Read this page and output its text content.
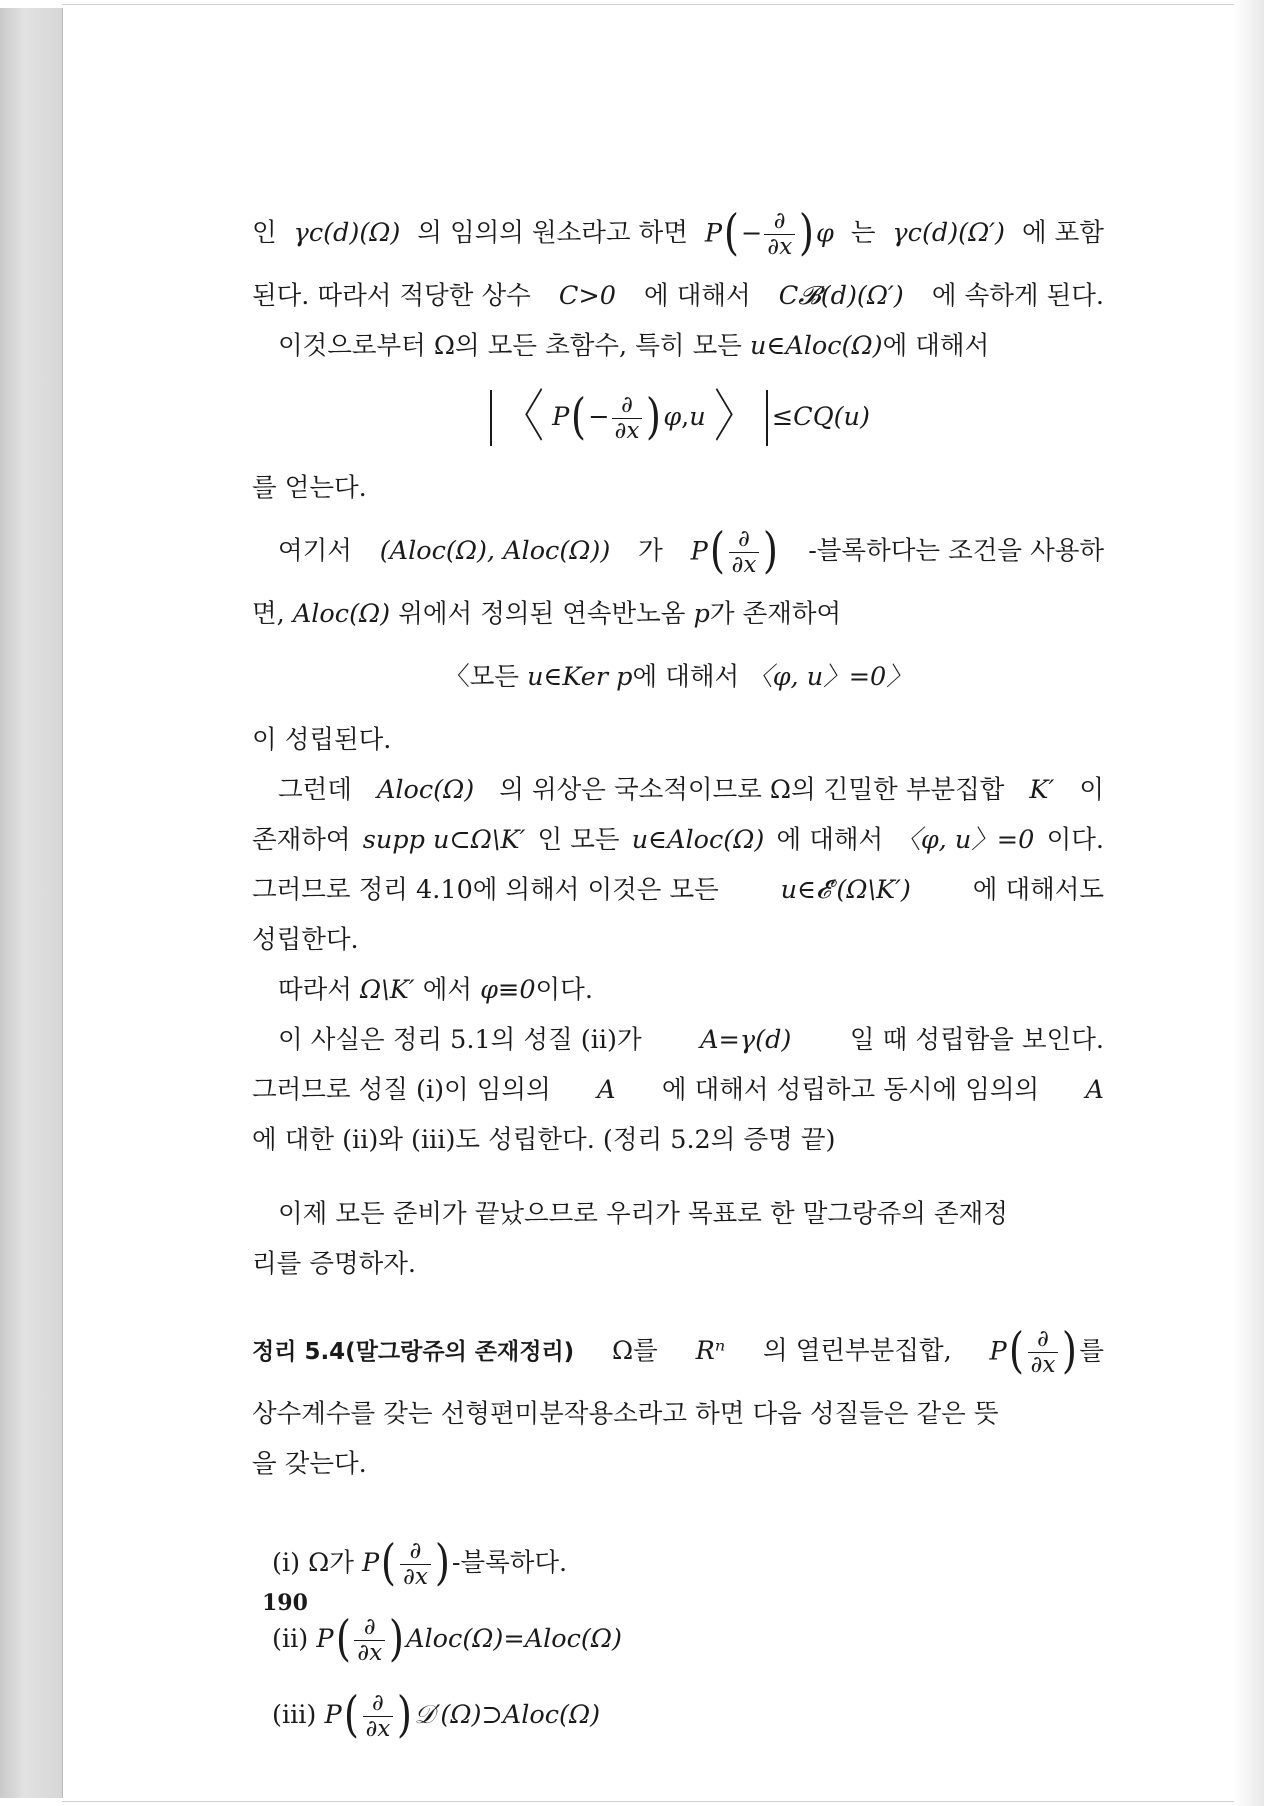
인 γc(d)(Ω) 의 임의의 원소라고 하면 $P(- \frac{\partial}{\partial x} )\varphi$ 는 γc(d)(Ω′) 에 포함
된다. 따라서 적당한 상수 C>0 에 대해서 C𝓑(d)(Ω′) 에 속하게 된다.
이것으로부터 Ω의 모든 초함수, 특히 모든
u∈Aloc(Ω) 에 대해서
〈 P ( − $\frac{\partial}{\partial x}$ ) φ , u 〉 ≤CQ(u)
를 얻는다.
여기서 (Aloc(Ω), Aloc(Ω)) 가 $P( \frac{\partial}{\partial x}$ ) -블록하다는 조건을 사용하
면,
Aloc(Ω)
위에서 정의된 연속반노옴
p 가 존재하여
〈모든
u∈Ker p 에 대해서
〈φ, u〉=0〉
이 성립된다.
그런데 Aloc(Ω) 의 위상은 국소적이므로 Ω의 긴밀한 부분집합 K′ 이
존재하여 supp u⊂Ω\K′ 인 모든 u∈Aloc(Ω) 에 대해서 〈φ, u〉=0 이다.
그러므로 정리 4.10에 의해서 이것은 모든 u∈𝓔′(Ω\K′) 에 대해서도
성립한다.
따라서
Ω\K′
에서
φ≡0 이다.
이 사실은 정리 5.1의 성질 (ii)가 A=γ(d) 일 때 성립함을 보인다.
그러므로 성질 (i)이 임의의 A 에 대해서 성립하고 동시에 임의의 A
에 대한 (ii)와 (iii)도 성립한다. (정리 5.2의 증명 끝)
이제 모든 준비가 끝났으므로 우리가 목표로 한 말그랑쥬의 존재정
리를 증명하자.
정리 5.4(말그랑쥬의 존재정리) Ω를 Rⁿ 의 열린부분집합, $P( \frac{\partial}{\partial x}$ )를
상수계수를 갖는 선형편미분작용소라고 하면 다음 성질들은 같은 뜻
을 갖는다.
(i) Ω가
P ( $\frac{\partial}{\partial x}$ ) -블록하다.
(ii)
P ( $\frac{\partial}{\partial x}$ ) Aloc(Ω)=Aloc(Ω)
(iii)
P ( $\frac{\partial}{\partial x}$ ) 𝒟′(Ω)⊃Aloc(Ω)
190
